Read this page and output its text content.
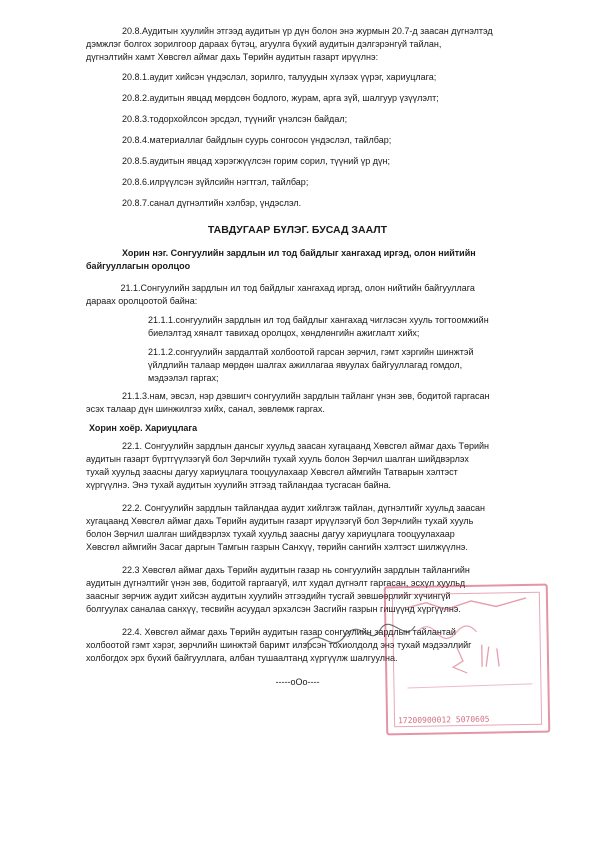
20.8.Аудитын хуулийн этгээд аудитын үр дүн болон энэ журмын 20.7-д заасан дүгнэлтэд
дэмжлэг болгох зорилгоор дараах бүтэц, агуулга бүхий аудитын дэлгэрэнгүй тайлан,
дүгнэлтийн хамт Хөвсгөл аймаг дахь Төрийн аудитын газарт ирүүлнэ:
20.8.1.аудит хийсэн үндэслэл, зорилго, талуудын хүлээх үүрэг, хариуцлага;
20.8.2.аудитын явцад мөрдсөн бодлого, журам, арга зүй, шалгуур үзүүлэлт;
20.8.3.тодорхойлсон эрсдэл, түүнийг үнэлсэн байдал;
20.8.4.материаллаг байдлын суурь сонгосон үндэслэл, тайлбар;
20.8.5.аудитын явцад хэрэгжүүлсэн горим сорил, түүний үр дүн;
20.8.6.илрүүлсэн зүйлсийн нэгтгэл, тайлбар;
20.8.7.санал дүгнэлтийн хэлбэр, үндэслэл.
ТАВДУГААР БҮЛЭГ. БУСАД ЗААЛТ
Хорин нэг. Сонгуулийн зардлын ил тод байдлыг хангахад иргэд, олон нийтийн
байгууллагын оролцоо
21.1.Сонгуулийн зардлын ил тод байдлыг хангахад иргэд, олон нийтийн байгууллага
дараах оролцоотой байна:
21.1.1.сонгуулийн зардлын ил тод байдлыг хангахад чиглэсэн хууль тогтоомжийн
биелэлтэд хяналт тавихад оролцох, хөндлөнгийн ажиглалт хийх;
21.1.2.сонгуулийн зардалтай холбоотой гарсан зөрчил, гэмт хэргийн шинжтэй
үйлдлийн талаар мөрдөн шалгах ажиллагаа явуулах байгууллагад гомдол,
мэдээлэл гаргах;
21.1.3.нам, эвсэл, нэр дэвшигч сонгуулийн зардлын тайланг үнэн зөв, бодитой гаргасан
эсэх талаар дүн шинжилгээ хийх, санал, зөвлөмж гаргах.
Хорин хоёр. Хариуцлага
22.1. Сонгуулийн зардлын дансыг хуульд заасан хугацаанд Хөвсгөл аймаг дахь Төрийн
аудитын газарт бүртгүүлээгүй бол Зөрчлийн тухай хууль болон Зөрчил шалган шийдвэрлэх
тухай хуульд заасны дагуу хариуцлага тооцуулахаар Хөвсгөл аймгийн Татварын хэлтэст
хүргүүлнэ. Энэ тухай аудитын хуулийн этгээд тайландаа тусгасан байна.
22.2. Сонгуулийн зардлын тайландаа аудит хийлгэж тайлан, дүгнэлтийг хуульд заасан
хугацаанд Хөвсгөл аймаг дахь Төрийн аудитын газарт ирүүлээгүй бол Зөрчлийн тухай хууль
болон Зөрчил шалган шийдвэрлэх тухай хуульд заасны дагуу хариуцлага тооцуулахаар
Хөвсгөл аймгийн Засаг даргын Тамгын газрын Санхүү, төрийн сангийн хэлтэст шилжүүлнэ.
22.3 Хөвсгөл аймаг дахь Төрийн аудитын газар нь сонгуулийн зардлын тайлангийн
аудитын дүгнэлтийг үнэн зөв, бодитой гаргаагүй, илт худал дүгнэлт гаргасан, эсхүл хуульд
заасныг зөрчиж аудит хийсэн аудитын хуулийн этгээдийн тусгай зөвшөөрлийг хүчингүй
болгуулах саналаа санхүү, төсвийн асуудал эрхэлсэн Засгийн газрын гишүүнд хүргүүлнэ.
22.4. Хөвсгөл аймаг дахь Төрийн аудитын газар сонгуулийн зардлын тайлантай
холбоотой гэмт хэрэг, зөрчлийн шинжтэй баримт илэрсэн тохиолдолд энэ тухай мэдээллийг
холбогдох эрх бүхий байгууллага, албан тушаалтанд хүргүүлж шалгуулна.
-----oOo----
17200900012 5070605
